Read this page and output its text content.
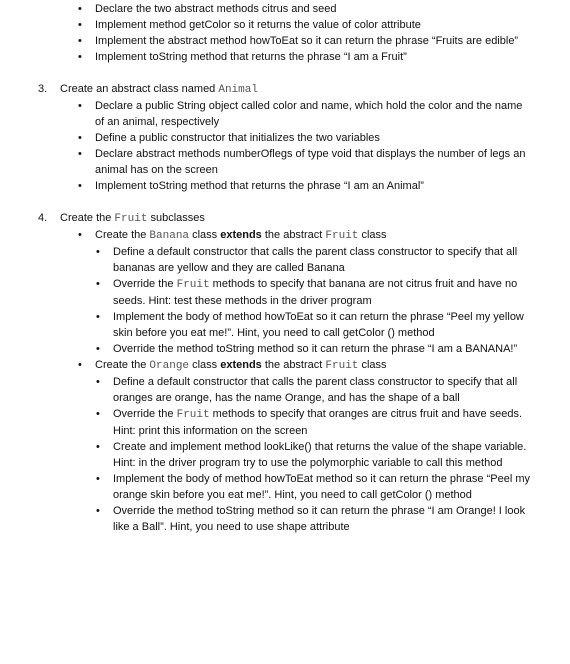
• Declare the two abstract methods citrus and seed
• Implement method getColor so it returns the value of color attribute
• Implement the abstract method howToEat so it can return the phrase “Fruits are edible”
• Implement toString method that returns the phrase “I am a Fruit”
3. Create an abstract class named Animal
• Declare a public String object called color and name, which hold the color and the name of an animal, respectively
• Define a public constructor that initializes the two variables
• Declare abstract methods numberOflegs of type void that displays the number of legs an animal has on the screen
• Implement toString method that returns the phrase “I am an Animal”
4. Create the Fruit subclasses
• Create the Banana class extends the abstract Fruit class
• Define a default constructor that calls the parent class constructor to specify that all bananas are yellow and they are called Banana
• Override the Fruit methods to specify that banana are not citrus fruit and have no seeds. Hint: test these methods in the driver program
• Implement the body of method howToEat so it can return the phrase “Peel my yellow skin before you eat me!”. Hint, you need to call getColor () method
• Override the method toString method so it can return the phrase “I am a BANANA!”
• Create the Orange class extends the abstract Fruit class
• Define a default constructor that calls the parent class constructor to specify that all oranges are orange, has the name Orange, and has the shape of a ball
• Override the Fruit methods to specify that oranges are citrus fruit and have seeds. Hint: print this information on the screen
• Create and implement method lookLike() that returns the value of the shape variable. Hint: in the driver program try to use the polymorphic variable to call this method
• Implement the body of method howToEat method so it can return the phrase “Peel my orange skin before you eat me!”. Hint, you need to call getColor () method
• Override the method toString method so it can return the phrase “I am Orange! I look like a Ball”. Hint, you need to use shape attribute
